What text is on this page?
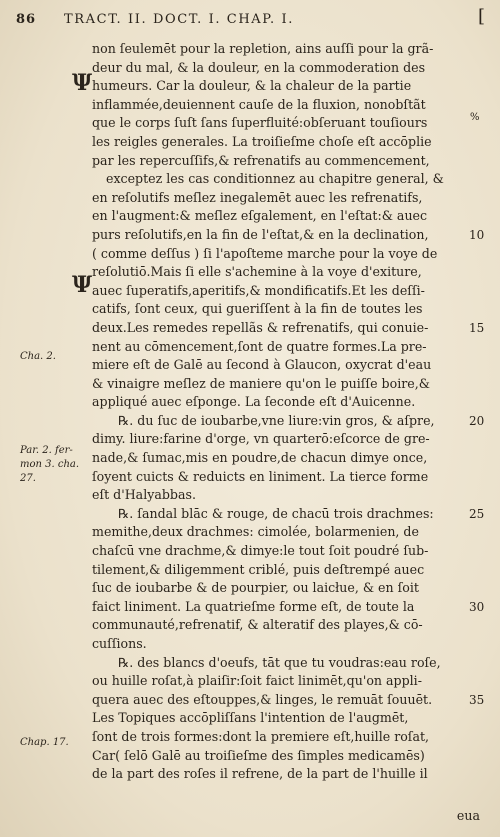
86 TRACT. II. DOCT. I. CHAP. I.	[
Ψ
Ψ
%
non ſeulemēt pour la repletion, ains auſſi pour la grã-
deur du mal, & la douleur, en la commoderation des
humeurs. Car la douleur, & la chaleur de la partie
inflammée,deuiennent cauſe de la fluxion, nonobſtãt
que le corps ſuſt ſans ſuperfluité:obſeruant touſiours
les reigles generales. La troiſieſme choſe eſt accōplie
par les repercuſſifs,& refrenatifs au commencement,
exceptez les cas conditionnez au chapitre general, &
en reſolutifs meſlez inegalemēt auec les refrenatifs,
en l'augment:& meſlez eſgalement, en l'eſtat:& auec
purs reſolutifs,en la fin de l'eſtat,& en la declination,
( comme deſſus ) ſi l'apoſteme marche pour la voye de
reſolutiō.Mais ſi elle s'achemine à la voye d'exiture,
auec ſuperatifs,aperitifs,& mondificatifs.Et les deſſi-
catifs, ſont ceux, qui gueriſſent à la fin de toutes les
deux.Les remedes repellãs & refrenatifs, qui conuie-
nent au cōmencement,ſont de quatre formes.La pre-
miere eſt de Galē au ſecond à Glaucon, oxycrat d'eau
& vinaigre meſlez de maniere qu'on le puiſſe boire,&
appliqué auec eſponge. La ſeconde eſt d'Auicenne.
℞. du ſuc de ioubarbe,vne liure:vin gros, & aſpre,
dimy. liure:farine d'orge, vn quarterō:eſcorce de gre-
nade,& ſumac,mis en poudre,de chacun dimye once,
ſoyent cuicts & reduicts en liniment. La tierce forme
eſt d'Halyabbas.
℞. ſandal blāc & rouge, de chacū trois drachmes:
memithe,deux drachmes: cimolée, bolarmenien, de
chaſcū vne drachme,& dimye:le tout ſoit poudré ſub-
tilement,& diligemment criblé, puis deſtrempé auec
ſuc de ioubarbe & de pourpier, ou laicłue, & en ſoit
faict liniment. La quatrieſme forme eſt, de toute la
communauté,refrenatif, & alteratif des playes,& cō-
cuſſions.
℞. des blancs d'oeufs, tāt que tu voudras:eau roſe,
ou huille roſat,à plaiſir:ſoit faict linimēt,qu'on appli-
quera auec des eſtouppes,& linges, le remuāt ſouuēt.
Les Topiques accōpliſſans l'intention de l'augmēt,
ſont de trois formes:dont la premiere eſt,huille roſat,
Car( ſelō Galē au troiſieſme des ſimples medicamēs)
de la part des roſes il refrene, de la part de l'huille il
Cha. 2.
Par. 2. fer-
mon 3. cha.
27.
Chap. 17.
10
15
20
25
30
35
eua
